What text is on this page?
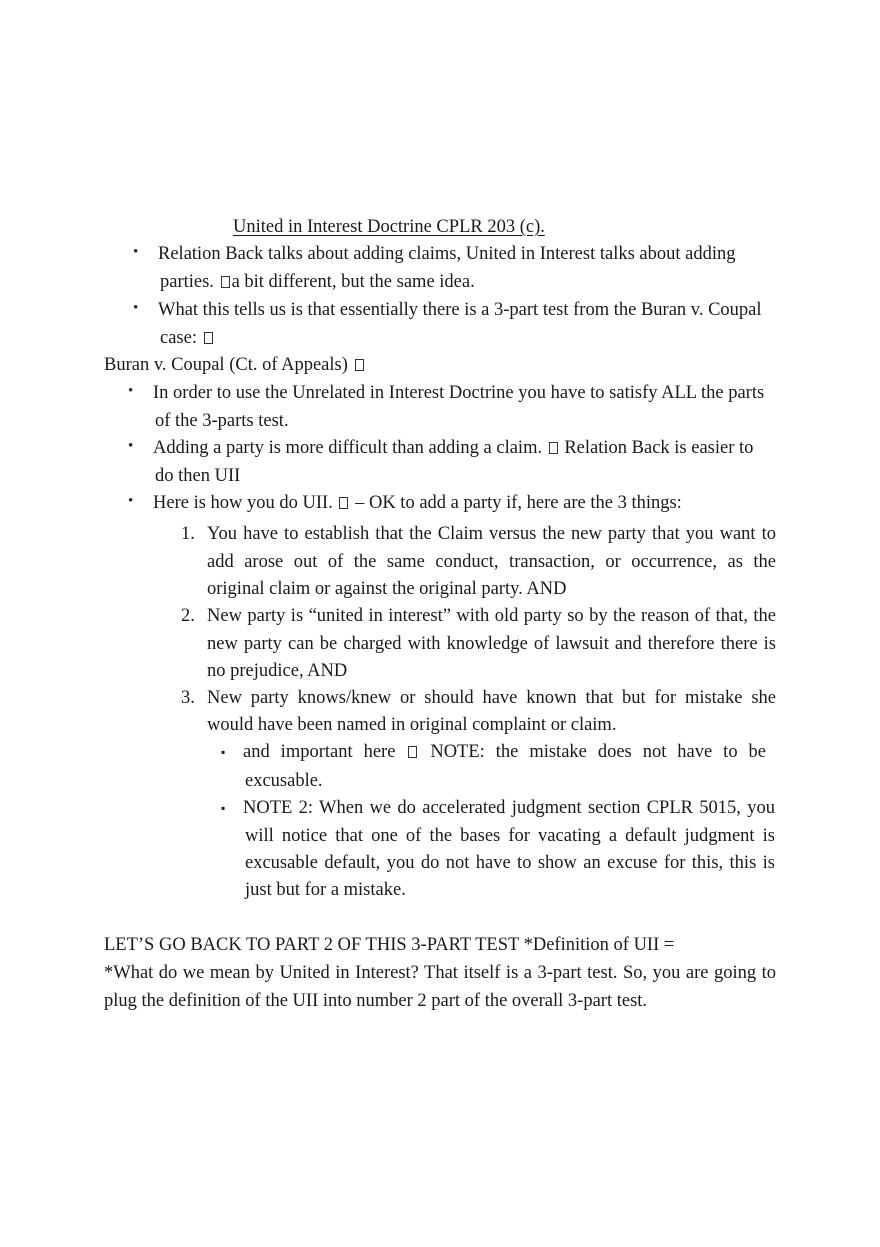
United in Interest Doctrine CPLR 203 (c).
• Relation Back talks about adding claims, United in Interest talks about adding
parties. a bit different, but the same idea.
• What this tells us is that essentially there is a 3-part test from the Buran v. Coupal
case:
Buran v. Coupal (Ct. of Appeals)
• In order to use the Unrelated in Interest Doctrine you have to satisfy ALL the parts
of the 3-parts test.
• Adding a party is more difficult than adding a claim.  Relation Back is easier to
do then UII
• Here is how you do UII.  – OK to add a party if, here are the 3 things:
1. You have to establish that the Claim versus the new party that you want to
add arose out of the same conduct, transaction, or occurrence, as the
original claim or against the original party. AND
2. New party is “united in interest” with old party so by the reason of that, the
new party can be charged with knowledge of lawsuit and therefore there is
no prejudice, AND
3. New party knows/knew or should have known that but for mistake she
would have been named in original complaint or claim.
▪ and important here  NOTE: the mistake does not have to be
excusable.
▪ NOTE 2: When we do accelerated judgment section CPLR 5015, you
will notice that one of the bases for vacating a default judgment is
excusable default, you do not have to show an excuse for this, this is
just but for a mistake.
LET’S GO BACK TO PART 2 OF THIS 3-PART TEST *Definition of UII =
*What do we mean by United in Interest? That itself is a 3-part test. So, you are going to
plug the definition of the UII into number 2 part of the overall 3-part test.
